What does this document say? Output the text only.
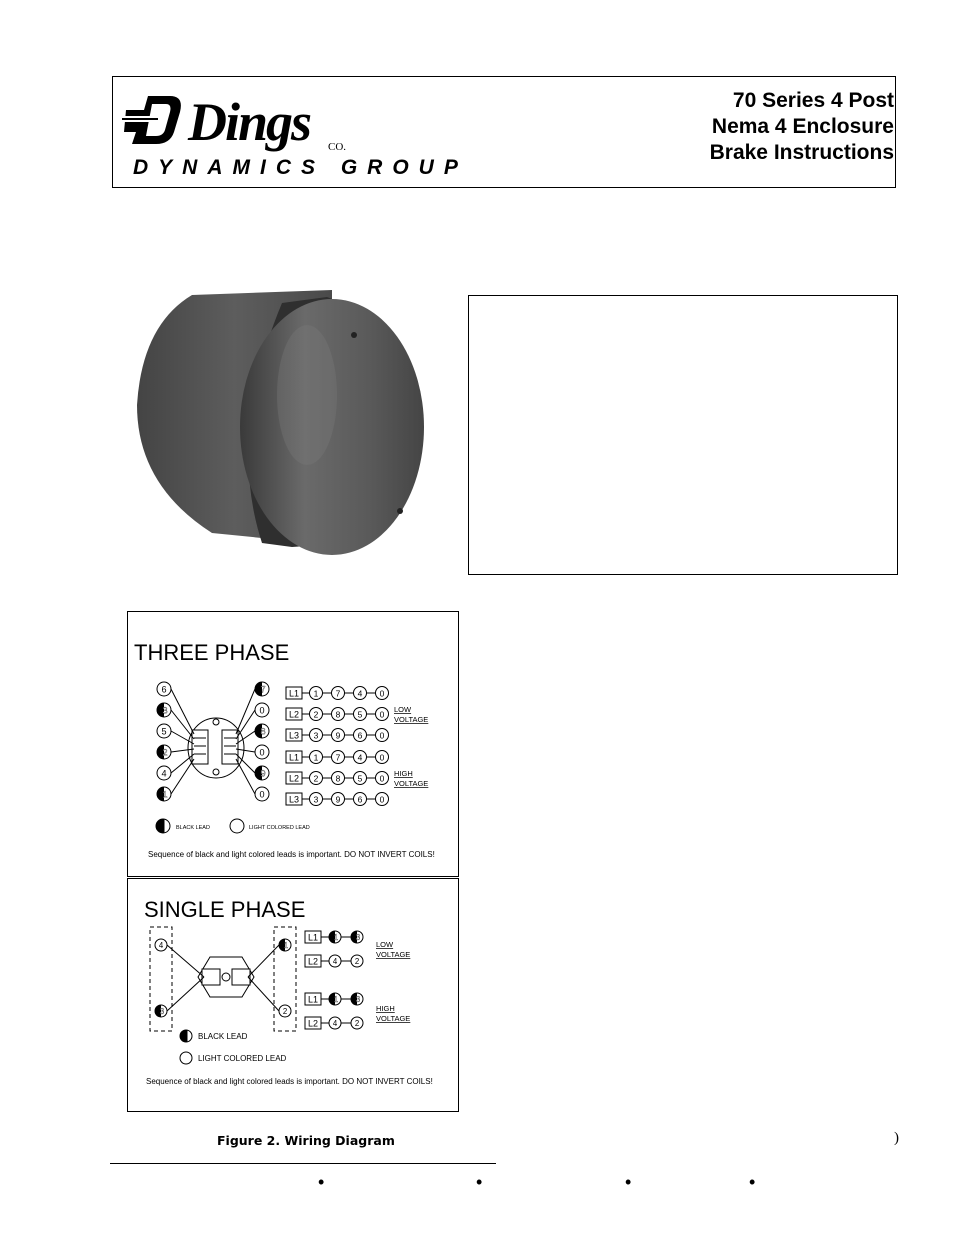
Dings CO.
DYNAMICS GROUP
70 Series 4 Post
Nema 4 Enclosure
Brake Instructions
THREE PHASE
6
3
5
2
4
1
7
0
8
0
9
0
L1 1 7 4 0
L2 2 8 5 0
L3 3 9 6 0
L1 1 7 4 0
L2 2 8 5 0
L3 3 9 6 0
LOW
VOLTAGE
HIGH
VOLTAGE
BLACK LEAD	LIGHT COLORED LEAD
Sequence of black and light colored leads is important. DO NOT INVERT COILS!
SINGLE PHASE
4
3
1
2
L1 1 3
L2 4 2
L1 1 3
L2 4 2
LOW
VOLTAGE
HIGH
VOLTAGE
BLACK LEAD
LIGHT COLORED LEAD
Sequence of black and light colored leads is important. DO NOT INVERT COILS!
Figure 2. Wiring Diagram	)
•	•	•	•
